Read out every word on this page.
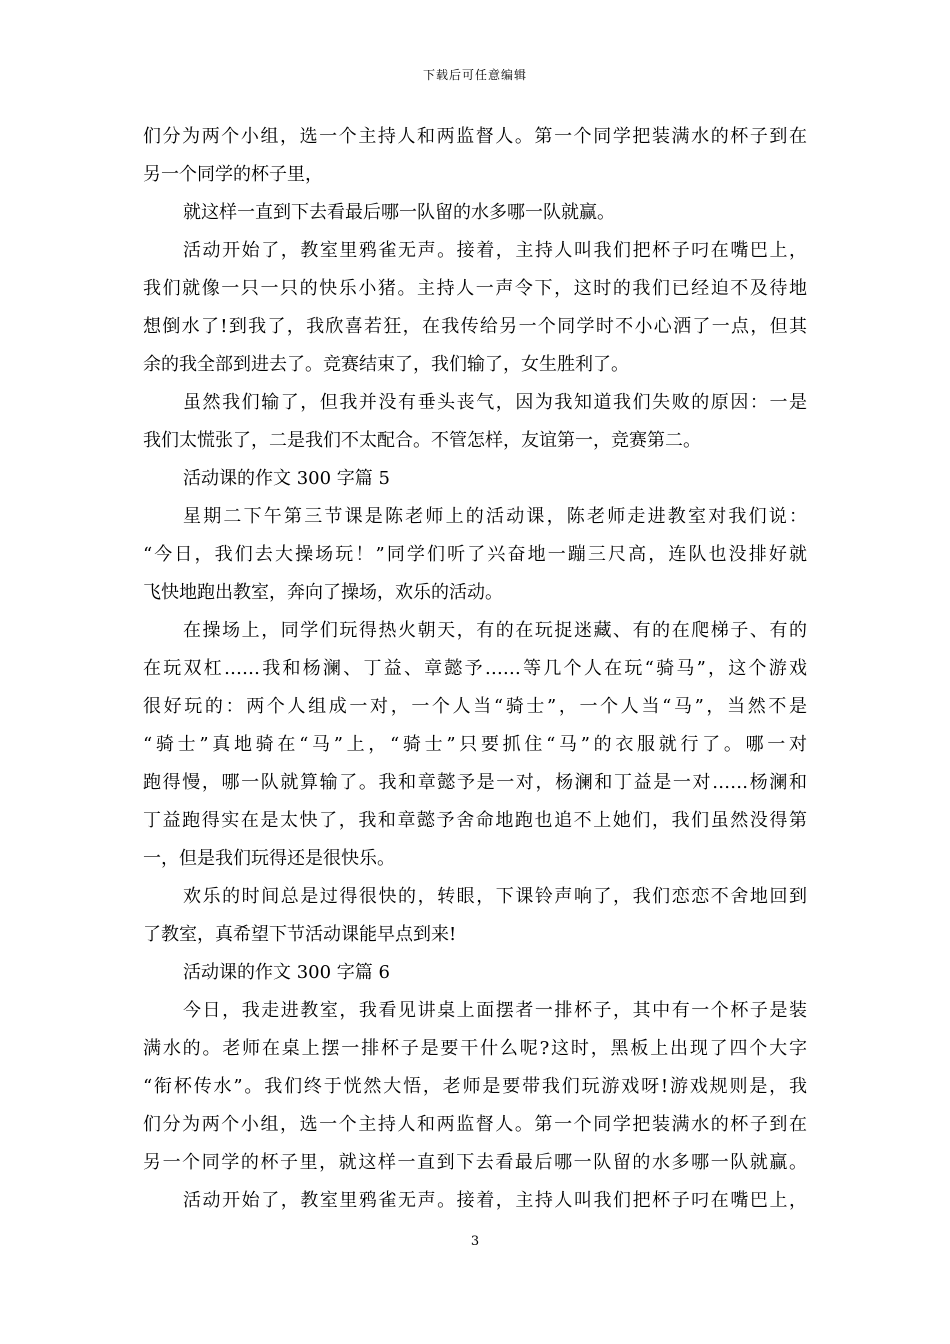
下载后可任意编辑
们分为两个小组，选一个主持人和两监督人。第一个同学把装满水的杯子到在
另一个同学的杯子里，
就这样一直到下去看最后哪一队留的水多哪一队就赢。
活动开始了，教室里鸦雀无声。接着，主持人叫我们把杯子叼在嘴巴上，
我们就像一只一只的快乐小猪。主持人一声令下，这时的我们已经迫不及待地
想倒水了!到我了，我欣喜若狂，在我传给另一个同学时不小心洒了一点，但其
余的我全部到进去了。竞赛结束了，我们输了，女生胜利了。
虽然我们输了，但我并没有垂头丧气，因为我知道我们失败的原因：一是
我们太慌张了，二是我们不太配合。不管怎样，友谊第一，竞赛第二。
活动课的作文 300 字篇 5
星期二下午第三节课是陈老师上的活动课，陈老师走进教室对我们说：
“今日，我们去大操场玩！”同学们听了兴奋地一蹦三尺高，连队也没排好就
飞快地跑出教室，奔向了操场，欢乐的活动。
在操场上，同学们玩得热火朝天，有的在玩捉迷藏、有的在爬梯子、有的
在玩双杠……我和杨澜、丁益、章懿予……等几个人在玩“骑马”，这个游戏
很好玩的：两个人组成一对，一个人当“骑士”，一个人当“马”，当然不是
“骑士”真地骑在“马”上，“骑士”只要抓住“马”的衣服就行了。哪一对
跑得慢，哪一队就算输了。我和章懿予是一对，杨澜和丁益是一对……杨澜和
丁益跑得实在是太快了，我和章懿予舍命地跑也追不上她们，我们虽然没得第
一，但是我们玩得还是很快乐。
欢乐的时间总是过得很快的，转眼，下课铃声响了，我们恋恋不舍地回到
了教室，真希望下节活动课能早点到来!
活动课的作文 300 字篇 6
今日，我走进教室，我看见讲桌上面摆者一排杯子，其中有一个杯子是装
满水的。老师在桌上摆一排杯子是要干什么呢?这时，黑板上出现了四个大字
“衔杯传水”。我们终于恍然大悟，老师是要带我们玩游戏呀!游戏规则是，我
们分为两个小组，选一个主持人和两监督人。第一个同学把装满水的杯子到在
另一个同学的杯子里，就这样一直到下去看最后哪一队留的水多哪一队就赢。
活动开始了，教室里鸦雀无声。接着，主持人叫我们把杯子叼在嘴巴上，
3
